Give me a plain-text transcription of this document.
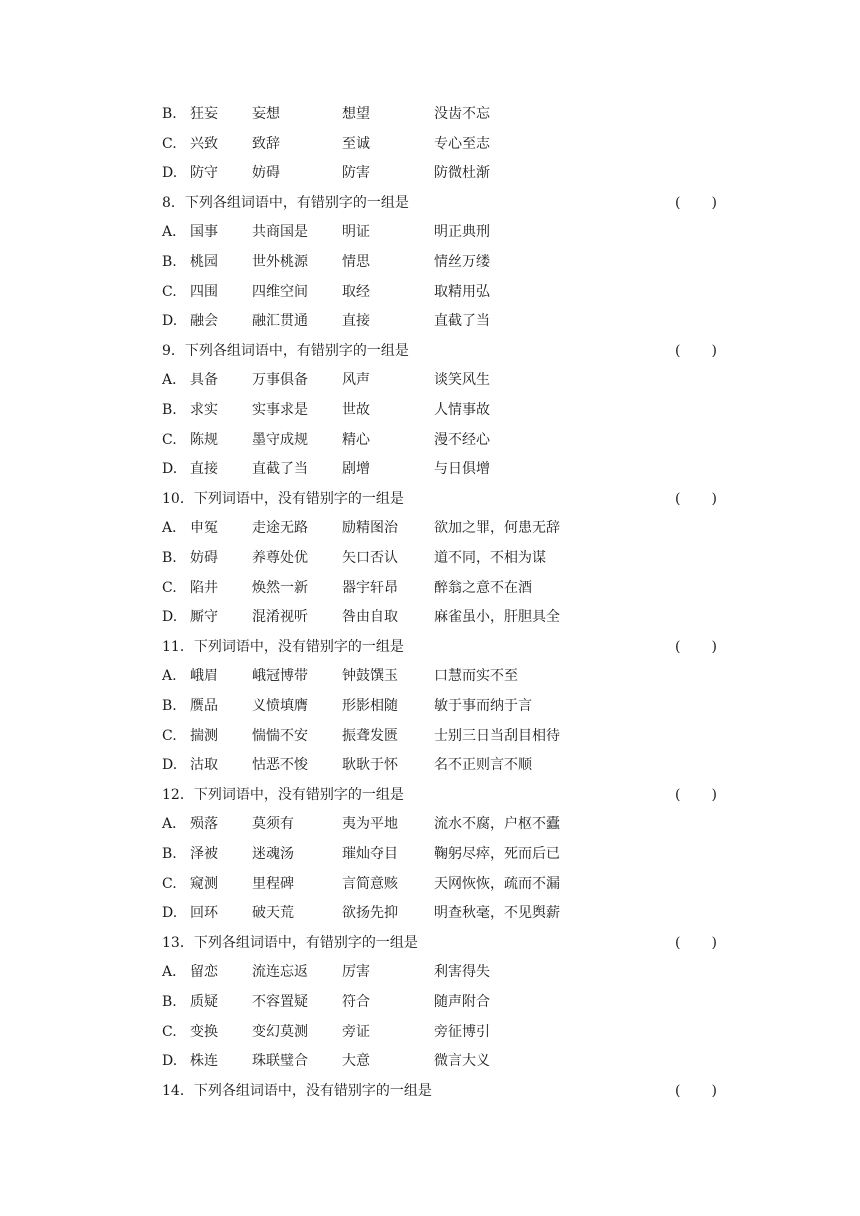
B. 狂妄 妄想	想望	没齿不忘
C. 兴致 致辞	至诚	专心至志
D. 防守 妨碍	防害	防微杜渐
8．下列各组词语中，有错别字的一组是	( )
A． 国事 共商国是 明证	明正典刑
B. 桃园 世外桃源 情思	情丝万缕
C. 四围 四维空间 取经	取精用弘
D. 融会 融汇贯通 直接	直截了当
9．下列各组词语中，有错别字的一组是	( )
A． 具备 万事俱备 风声	谈笑风生
B. 求实 实事求是 世故	人情事故
C. 陈规 墨守成规 精心	漫不经心
D. 直接 直截了当 剧增	与日俱增
10．下列词语中，没有错别字的一组是	( )
A． 申冤 走途无路 励精图治	欲加之罪，何患无辞
B. 妨碍 养尊处优 矢口否认	道不同，不相为谋
C. 陷井 焕然一新 器宇轩昂	醉翁之意不在酒
D. 厮守 混淆视听 咎由自取	麻雀虽小，肝胆具全
11．下列词语中，没有错别字的一组是	( )
A. 峨眉 峨冠博带 钟鼓馔玉	口慧而实不至
B. 赝品 义愤填膺 形影相随	敏于事而纳于言
C. 揣测 惴惴不安 振聋发匮	士别三日当刮目相待
D. 沽取 怙恶不悛 耿耿于怀	名不正则言不顺
12．下列词语中，没有错别字的一组是	( )
A． 殒落 莫须有	夷为平地	流水不腐，户枢不蠹
B. 泽被 迷魂汤	璀灿夺目	鞠躬尽瘁，死而后已
C. 窥测 里程碑	言简意赅	天网恢恢，疏而不漏
D. 回环 破天荒	欲扬先抑	明查秋毫，不见舆薪
13．下列各组词语中，有错别字的一组是	( )
A． 留恋 流连忘返 厉害	利害得失
B. 质疑 不容置疑 符合	随声附合
C. 变换 变幻莫测 旁证	旁征博引
D. 株连 珠联璧合 大意	微言大义
14．下列各组词语中，没有错别字的一组是	( )
